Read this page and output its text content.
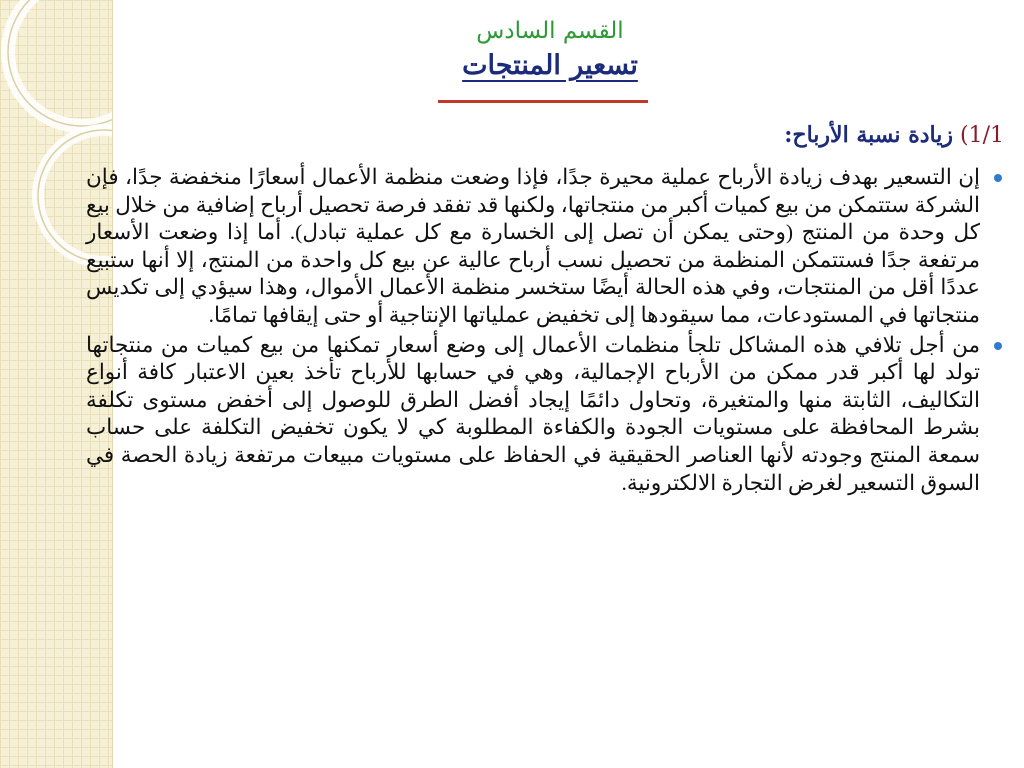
القسم السادس
تسعير المنتجات
1/1) زيادة نسبة الأرباح:

إن التسعير بهدف زيادة الأرباح عملية محيرة جدًا، فإذا وضعت منظمة الأعمال أسعارًا منخفضة جدًا، فإن الشركة ستتمكن من بيع كميات أكبر من منتجاتها، ولكنها قد تفقد فرصة تحصيل أرباح إضافية من خلال بيع كل وحدة من المنتج (وحتى يمكن أن تصل إلى الخسارة مع كل عملية تبادل). أما إذا وضعت الأسعار مرتفعة جدًا فستتمكن المنظمة من تحصيل نسب أرباح عالية عن بيع كل واحدة من المنتج، إلا أنها ستبيع عددًا أقل من المنتجات، وفي هذه الحالة أيضًا ستخسر منظمة الأعمال الأموال، وهذا سيؤدي إلى تكديس منتجاتها في المستودعات، مما سيقودها إلى تخفيض عملياتها الإنتاجية أو حتى إيقافها تمامًا.

من أجل تلافي هذه المشاكل تلجأ منظمات الأعمال إلى وضع أسعار تمكنها من بيع كميات من منتجاتها تولد لها أكبر قدر ممكن من الأرباح الإجمالية، وهي في حسابها للأرباح تأخذ بعين الاعتبار كافة أنواع التكاليف، الثابتة منها والمتغيرة، وتحاول دائمًا إيجاد أفضل الطرق للوصول إلى أخفض مستوى تكلفة بشرط المحافظة على مستويات الجودة والكفاءة المطلوبة كي لا يكون تخفيض التكلفة على حساب سمعة المنتج وجودته لأنها العناصر الحقيقية في الحفاظ على مستويات مبيعات مرتفعة زيادة الحصة في السوق التسعير لغرض التجارة الالكترونية.
